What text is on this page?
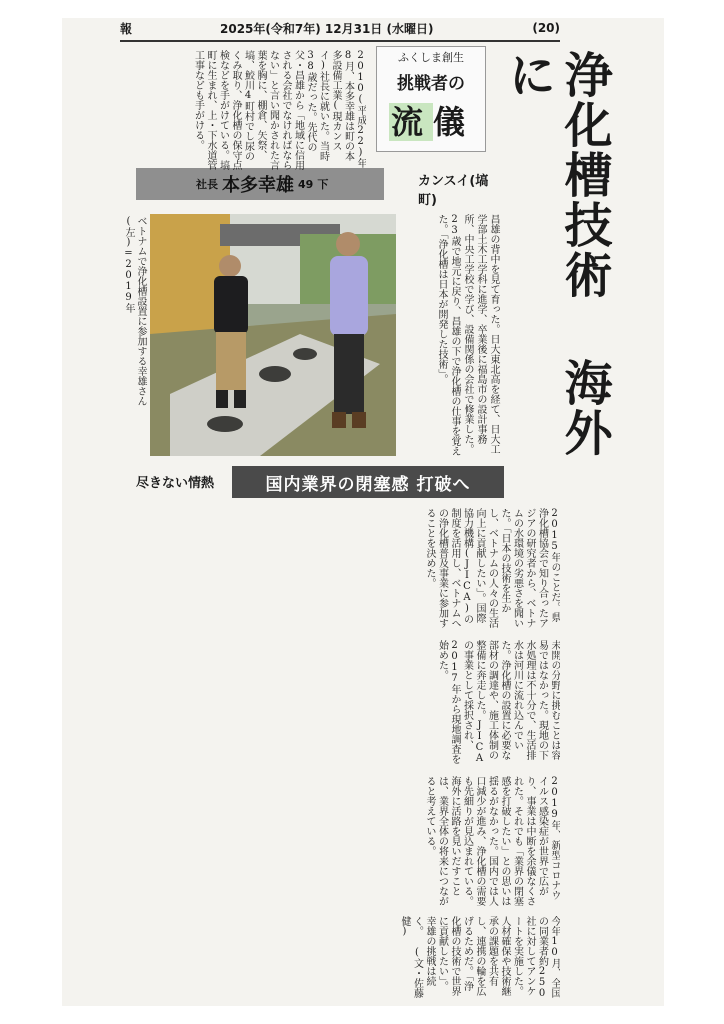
報	2025年(令和7年) 12月31日 (水曜日)	(20)
浄化槽技術 海外に
ふくしま創生
挑戦者の
流儀
カンスイ(塙町)
社長 本多幸雄 49 下
ベトナムで浄化槽設置に参加する幸雄さん(左)=2019年	昌雄の背中を見て育った。日大東北高を経て、日大工学部土木工学科に進学、卒業後に福島市の設計事務所、中央工学校で学び、設備関係の会社で修業した。23歳で地元に戻り、昌雄の下で浄化槽の仕事を覚えた。「浄化槽は日本が開発した技術」。
2010(平成22)年8月、本多幸雄は町の本多設備工業(現カンスイ)社長に就いた。当時38歳だった。先代の父・昌雄から「地域に信用される会社でなければならない」と言い聞かされた言葉を胸に、棚倉、矢祭、塙、鮫川4町村でし尿のくみ取り、浄化槽の保守点検などを手がけている。塙町に生まれ、上・下水道管工事なども手がける。
尽きない情熱	国内業界の閉塞感 打破へ
2015年のことだ。県浄化槽協会で知り合ったアジアの研究者から、ベトナムの水環境の劣悪さを聞いた。「日本の技術を生かし、ベトナムの人々の生活向上に貢献したい」。国際協力機構(JICA)の制度を活用し、ベトナムへの浄化槽普及事業に参加することを決めた。
未開の分野に挑むことは容易ではなかった。現地の下水処理は不十分で、生活排水は河川に流れ込んでいた。浄化槽の設置に必要な部材の調達や、施工体制の整備に奔走した。JICAの事業として採択され、2017年から現地調査を始めた。
2019年、新型コロナウイルス感染症が世界で広がり、事業は中断を余儀なくされた。それでも「業界の閉塞感を打破したい」との思いは揺るがなかった。国内では人口減少が進み、浄化槽の需要も先細りが見込まれている。海外に活路を見いだすことは、業界全体の将来につながると考えている。
今年10月、全国の同業者約250社に対してアンケートを実施した。人材確保や技術継承の課題を共有し、連携の輪を広げるためだ。「浄化槽の技術で世界に貢献したい」。幸雄の挑戦は続く。 (文・佐藤健)
